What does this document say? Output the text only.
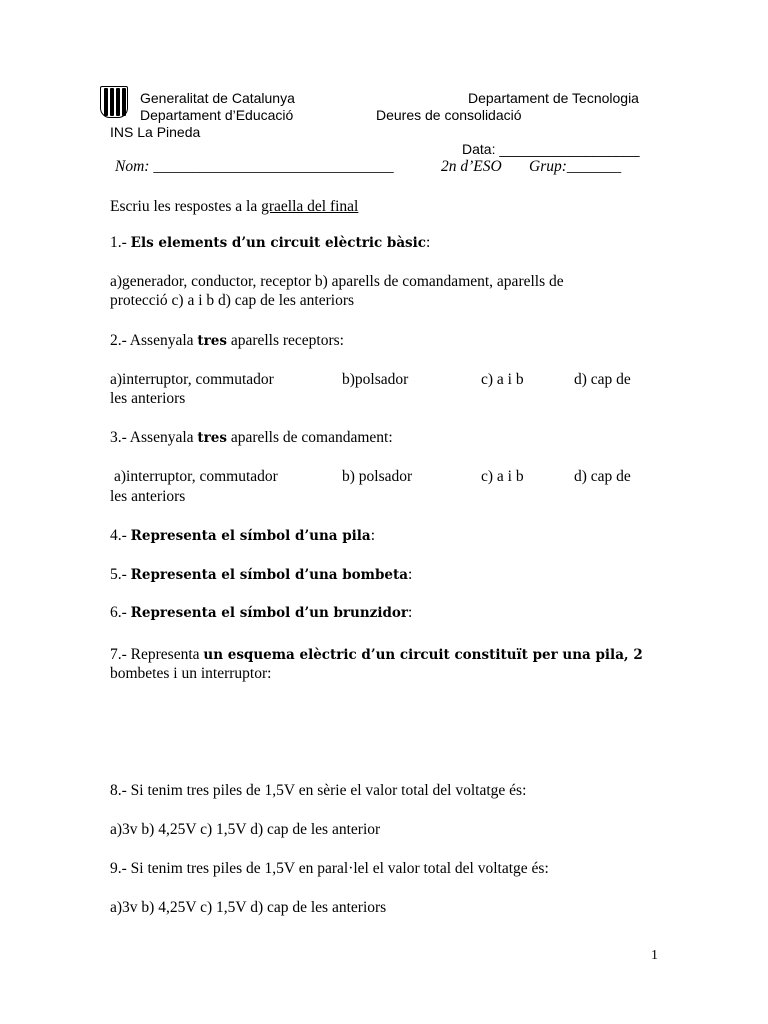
Generalitat de Catalunya
Departament d’Educació
INS La Pineda
Departament de Tecnologia
Deures de consolidació
Data: __________________
Nom: _______________________________	2n d’ESO Grup:_______
Escriu les respostes a la graella del final
1.- Els elements d’un circuit elèctric bàsic:
a)generador, conductor, receptor b) aparells de comandament, aparells de
protecció c) a i b d) cap de les anteriors
2.- Assenyala tres aparells receptors:
a)interruptor, commutador	b)polsador	c) a i b	d) cap de
les anteriors
3.- Assenyala tres aparells de comandament:
a)interruptor, commutador	b) polsador	c) a i b	d) cap de
les anteriors
4.- Representa el símbol d’una pila:
5.- Representa el símbol d’una bombeta:
6.- Representa el símbol d’un brunzidor:
7.- Representa un esquema elèctric d’un circuit constituït per una pila, 2
bombetes i un interruptor:
8.- Si tenim tres piles de 1,5V en sèrie el valor total del voltatge és:
a)3v b) 4,25V c) 1,5V d) cap de les anterior
9.- Si tenim tres piles de 1,5V en paral·lel el valor total del voltatge és:
a)3v b) 4,25V c) 1,5V d) cap de les anteriors
1
